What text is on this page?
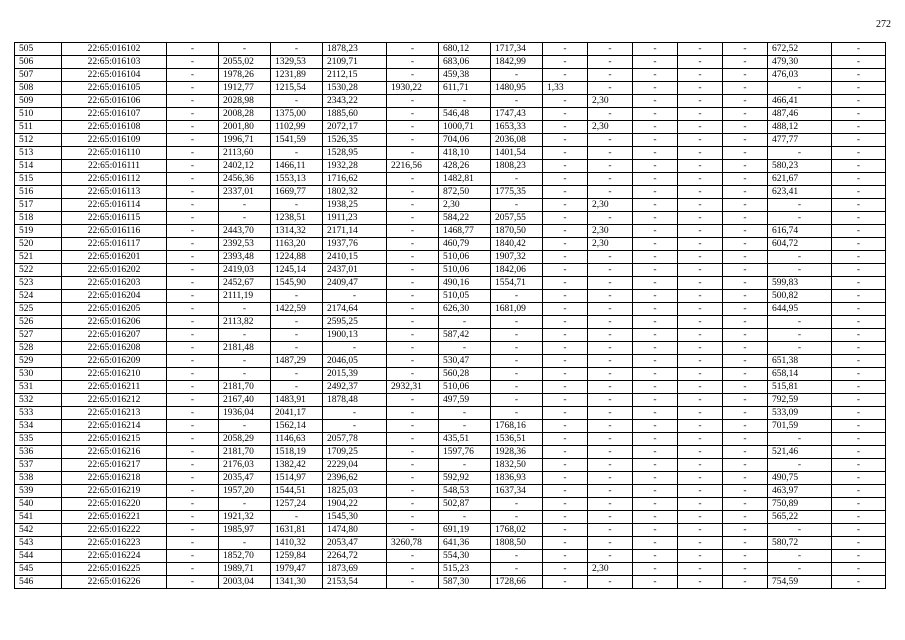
272
505	22:65:016102	-	-	-	1878,23	-	680,12	1717,34	-	-	-	-	-	672,52	-
506	22:65:016103	-	2055,02	1329,53	2109,71	-	683,06	1842,99	-	-	-	-	-	479,30	-
507	22:65:016104	-	1978,26	1231,89	2112,15	-	459,38	-	-	-	-	-	-	476,03	-
508	22:65:016105	-	1912,77	1215,54	1530,28	1930,22	611,71	1480,95	1,33	-	-	-	-	-	-
509	22:65:016106	-	2028,98	-	2343,22	-	-	-	-	2,30	-	-	-	466,41	-
510	22:65:016107	-	2008,28	1375,00	1885,60	-	546,48	1747,43	-	-	-	-	-	487,46	-
511	22:65:016108	-	2001,80	1102,99	2072,17	-	1000,71	1653,33	-	2,30	-	-	-	488,12	-
512	22:65:016109	-	1996,71	1541,59	1526,35	-	704,06	2036,08	-	-	-	-	-	477,77	-
513	22:65:016110	-	2113,60	-	1528,95	-	418,10	1401,54	-	-	-	-	-	-	-
514	22:65:016111	-	2402,12	1466,11	1932,28	2216,56	428,26	1808,23	-	-	-	-	-	580,23	-
515	22:65:016112	-	2456,36	1553,13	1716,62	-	1482,81	-	-	-	-	-	-	621,67	-
516	22:65:016113	-	2337,01	1669,77	1802,32	-	872,50	1775,35	-	-	-	-	-	623,41	-
517	22:65:016114	-	-	-	1938,25	-	2,30	-	-	2,30	-	-	-	-	-
518	22:65:016115	-	-	1238,51	1911,23	-	584,22	2057,55	-	-	-	-	-	-	-
519	22:65:016116	-	2443,70	1314,32	2171,14	-	1468,77	1870,50	-	2,30	-	-	-	616,74	-
520	22:65:016117	-	2392,53	1163,20	1937,76	-	460,79	1840,42	-	2,30	-	-	-	604,72	-
521	22:65:016201	-	2393,48	1224,88	2410,15	-	510,06	1907,32	-	-	-	-	-	-	-
522	22:65:016202	-	2419,03	1245,14	2437,01	-	510,06	1842,06	-	-	-	-	-	-	-
523	22:65:016203	-	2452,67	1545,90	2409,47	-	490,16	1554,71	-	-	-	-	-	599,83	-
524	22:65:016204	-	2111,19	-	-	-	510,05	-	-	-	-	-	-	500,82	-
525	22:65:016205	-	-	1422,59	2174,64	-	626,30	1681,09	-	-	-	-	-	644,95	-
526	22:65:016206	-	2113,82	-	2595,25	-	-	-	-	-	-	-	-	-	-
527	22:65:016207	-	-	-	1900,13	-	587,42	-	-	-	-	-	-	-	-
528	22:65:016208	-	2181,48	-	-	-	-	-	-	-	-	-	-	-	-
529	22:65:016209	-	-	1487,29	2046,05	-	530,47	-	-	-	-	-	-	651,38	-
530	22:65:016210	-	-	-	2015,39	-	560,28	-	-	-	-	-	-	658,14	-
531	22:65:016211	-	2181,70	-	2492,37	2932,31	510,06	-	-	-	-	-	-	515,81	-
532	22:65:016212	-	2167,40	1483,91	1878,48	-	497,59	-	-	-	-	-	-	792,59	-
533	22:65:016213	-	1936,04	2041,17	-	-	-	-	-	-	-	-	-	533,09	-
534	22:65:016214	-	-	1562,14	-	-	-	1768,16	-	-	-	-	-	701,59	-
535	22:65:016215	-	2058,29	1146,63	2057,78	-	435,51	1536,51	-	-	-	-	-	-	-
536	22:65:016216	-	2181,70	1518,19	1709,25	-	1597,76	1928,36	-	-	-	-	-	521,46	-
537	22:65:016217	-	2176,03	1382,42	2229,04	-	-	1832,50	-	-	-	-	-	-	-
538	22:65:016218	-	2035,47	1514,97	2396,62	-	592,92	1836,93	-	-	-	-	-	490,75	-
539	22:65:016219	-	1957,20	1544,51	1825,03	-	548,53	1637,34	-	-	-	-	-	463,97	-
540	22:65:016220	-	-	1257,24	1904,22	-	502,87	-	-	-	-	-	-	750,89	-
541	22:65:016221	-	1921,32	-	1545,30	-	-	-	-	-	-	-	-	565,22	-
542	22:65:016222	-	1985,97	1631,81	1474,80	-	691,19	1768,02	-	-	-	-	-	-	-
543	22:65:016223	-	-	1410,32	2053,47	3260,78	641,36	1808,50	-	-	-	-	-	580,72	-
544	22:65:016224	-	1852,70	1259,84	2264,72	-	554,30	-	-	-	-	-	-	-	-
545	22:65:016225	-	1989,71	1979,47	1873,69	-	515,23	-	-	2,30	-	-	-	-	-
546	22:65:016226	-	2003,04	1341,30	2153,54	-	587,30	1728,66	-	-	-	-	-	754,59	-
